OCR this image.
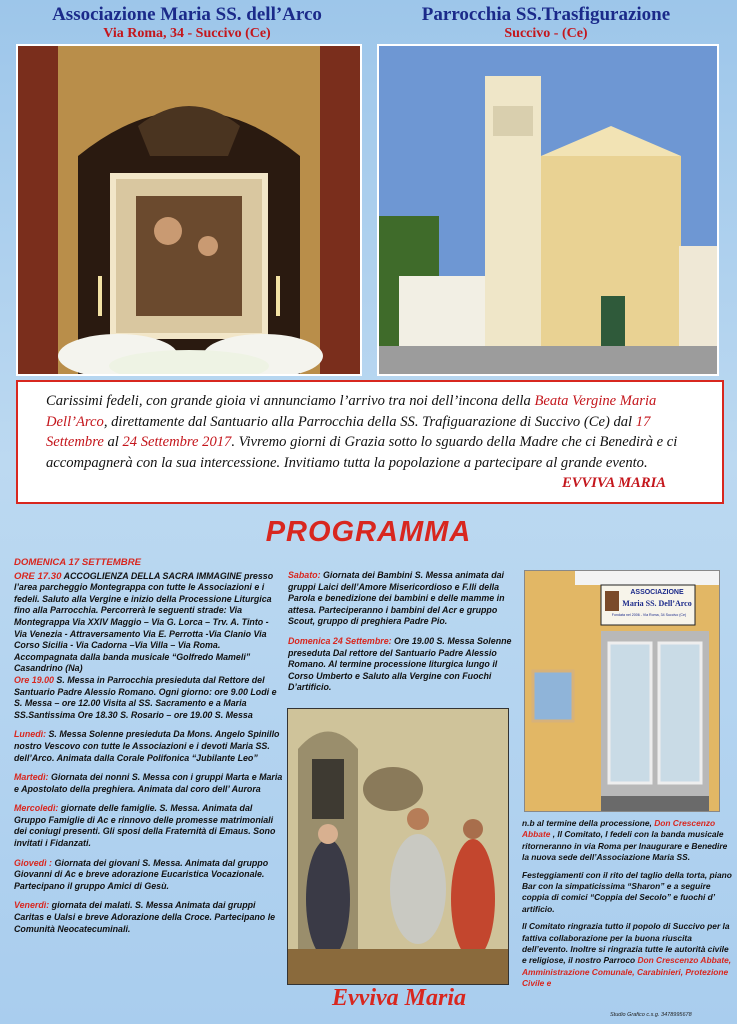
Associazione Maria SS. dell’Arco
Via Roma, 34 - Succivo (Ce)
Parrocchia SS.Trasfigurazione
Succivo - (Ce)
Carissimi fedeli, con grande gioia vi annunciamo l’arrivo tra noi dell’incona della Beata Vergine Maria Dell’Arco, direttamente dal Santuario alla Parrocchia della SS. Trafiguarazione di Succivo (Ce) dal 17 Settembre al 24 Settembre 2017. Vivremo giorni di Grazia sotto lo sguardo della Madre che ci Benedirà e ci accompagnerà con la sua intercessione. Invitiamo tutta la popolazione a partecipare al grande evento.
EVVIVA MARIA
PROGRAMMA

DOMENICA 17 SETTEMBRE

ORE 17.30 ACCOGLIENZA DELLA SACRA IMMAGINE presso l’area parcheggio Montegrappa con tutte le Associazioni e i fedeli. Saluto alla Vergine e inizio della Processione Liturgica fino alla Parrocchia. Percorrerà le seguenti strade: Via Montegrappa Via XXIV Maggio – Via G. Lorca – Trv. A. Tinto - Via Venezia - Attraversamento Via E. Perrotta -Via Clanio Via Corso Sicilia - Via Cadorna –Via Villa – Via Roma. Accompagnata dalla banda musicale “Golfredo Mameli” Casandrino (Na)

Ore 19.00 S. Messa in Parrocchia presieduta dal Rettore del Santuario Padre Alessio Romano. Ogni giorno: ore 9.00 Lodi e S. Messa – ore 12.00 Visita al SS. Sacramento e a Maria SS.Santissima Ore 18.30 S. Rosario – ore 19.00 S. Messa

Lunedì: S. Messa Solenne presieduta Da Mons. Angelo Spinillo nostro Vescovo con tutte le Associazioni e i devoti Maria SS. dell’Arco. Animata dalla Corale Polifonica “Jubilante Leo”

Martedì: Giornata dei nonni S. Messa con i gruppi Marta e Maria e Apostolato della preghiera. Animata dal coro dell’ Aurora

Mercoledì: giornate delle famiglie. S. Messa. Animata dal Gruppo Famiglie di Ac e rinnovo delle promesse matrimoniali dei coniugi presenti. Gli sposi della Fraternità di Emaus. Sono invitati i Fidanzati.

Giovedì : Giornata dei giovani S. Messa. Animata dal gruppo Giovanni di Ac e breve adorazione Eucaristica Vocazionale. Partecipano il gruppo Amici di Gesù.

Venerdì: giornata dei malati. S. Messa Animata dai gruppi Caritas e Ualsi e breve Adorazione della Croce. Partecipano le Comunità Neocatecuminali.

Sabato: Giornata dei Bambini S. Messa animata dai gruppi Laici dell’Amore Misericordioso e F.lli della Parola e benedizione dei bambini e delle mamme in attesa. Parteciperanno i bambini del Acr e gruppo Scout, gruppo di preghiera Padre Pio.

Domenica 24 Settembre: Ore 19.00 S. Messa Solenne preseduta Dal rettore del Santuario Padre Alessio Romano. Al termine processione liturgica lungo il Corso Umberto e Saluto alla Vergine con Fuochi D’artificio.

ASSOCIAZIONE
Maria SS. Dell’Arco
Fondata nel 2006 - Via Roma, 34 Succivo (Ce)

n.b al termine della processione, Don Crescenzo Abbate , Il Comitato, I fedeli con la banda musicale ritorneranno in via Roma per Inaugurare e Benedire la nuova sede dell’Associazione Maria SS.

Festeggiamenti con il rito del taglio della torta, piano Bar con la simpaticissima “Sharon” e a seguire coppia di comici “Coppia del Secolo” e fuochi d’ artificio.

Il Comitato ringrazia tutto il popolo di Succivo per la fattiva collaborazione per la buona riuscita dell’evento. Inoltre si ringrazia tutte le autorità civile e religiose, il nostro Parroco Don Crescenzo Abbate, Amministrazione Comunale, Carabinieri, Protezione Civile e

Evviva Maria
Studio Grafico c.s.g. 3478995678
